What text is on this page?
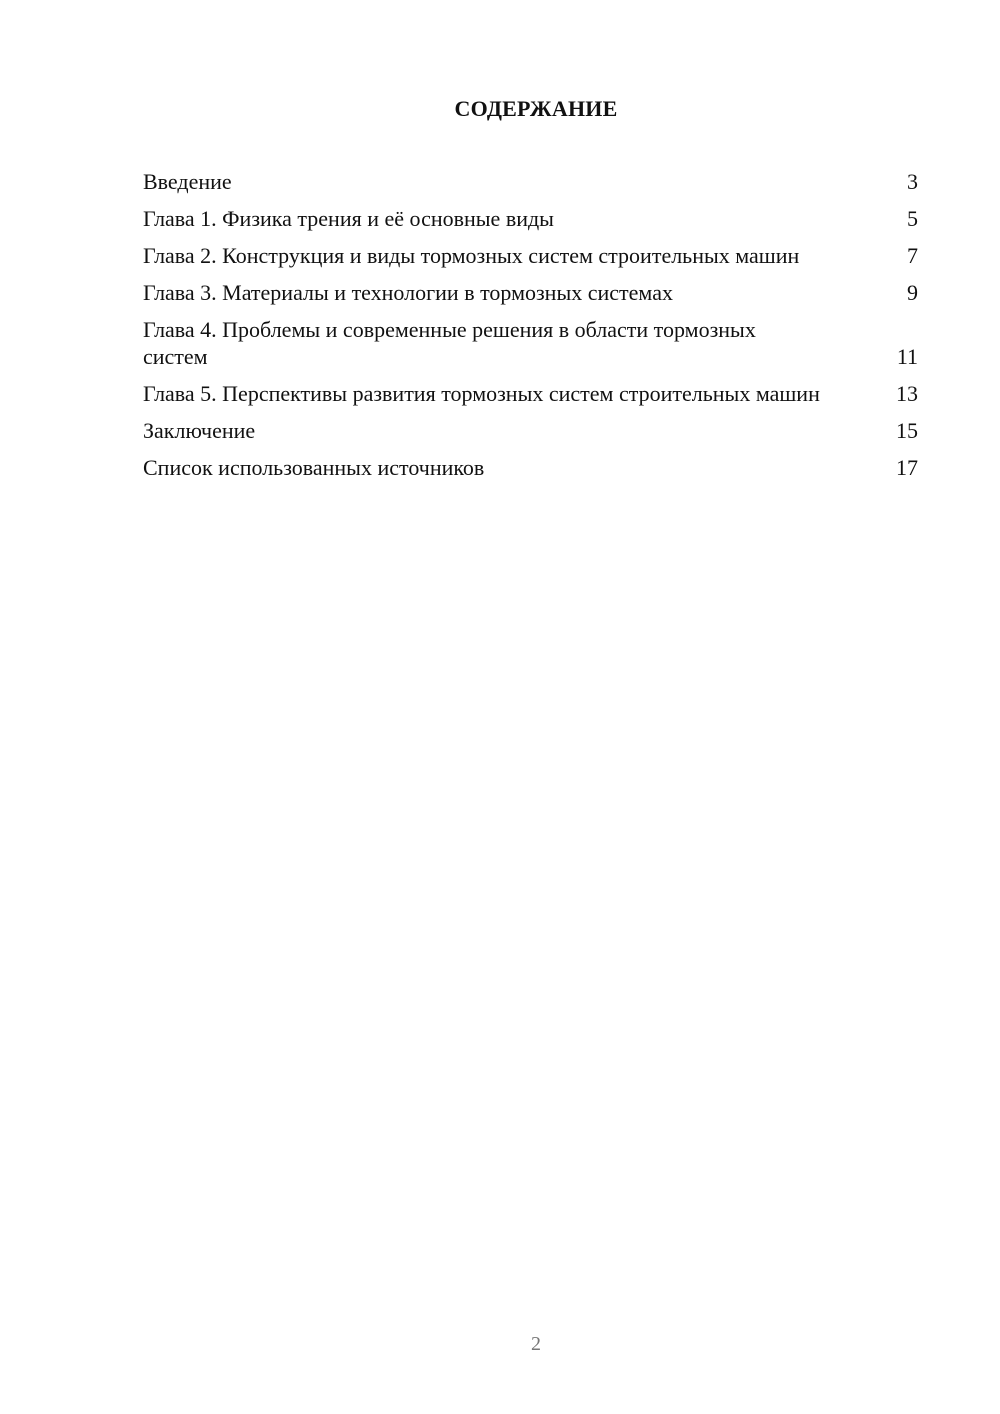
СОДЕРЖАНИЕ
Введение	3
Глава 1. Физика трения и её основные виды	5
Глава 2. Конструкция и виды тормозных систем строительных машин	7
Глава 3. Материалы и технологии в тормозных системах	9
Глава 4. Проблемы и современные решения в области тормозных систем	11
Глава 5. Перспективы развития тормозных систем строительных машин	13
Заключение	15
Список использованных источников	17
2
